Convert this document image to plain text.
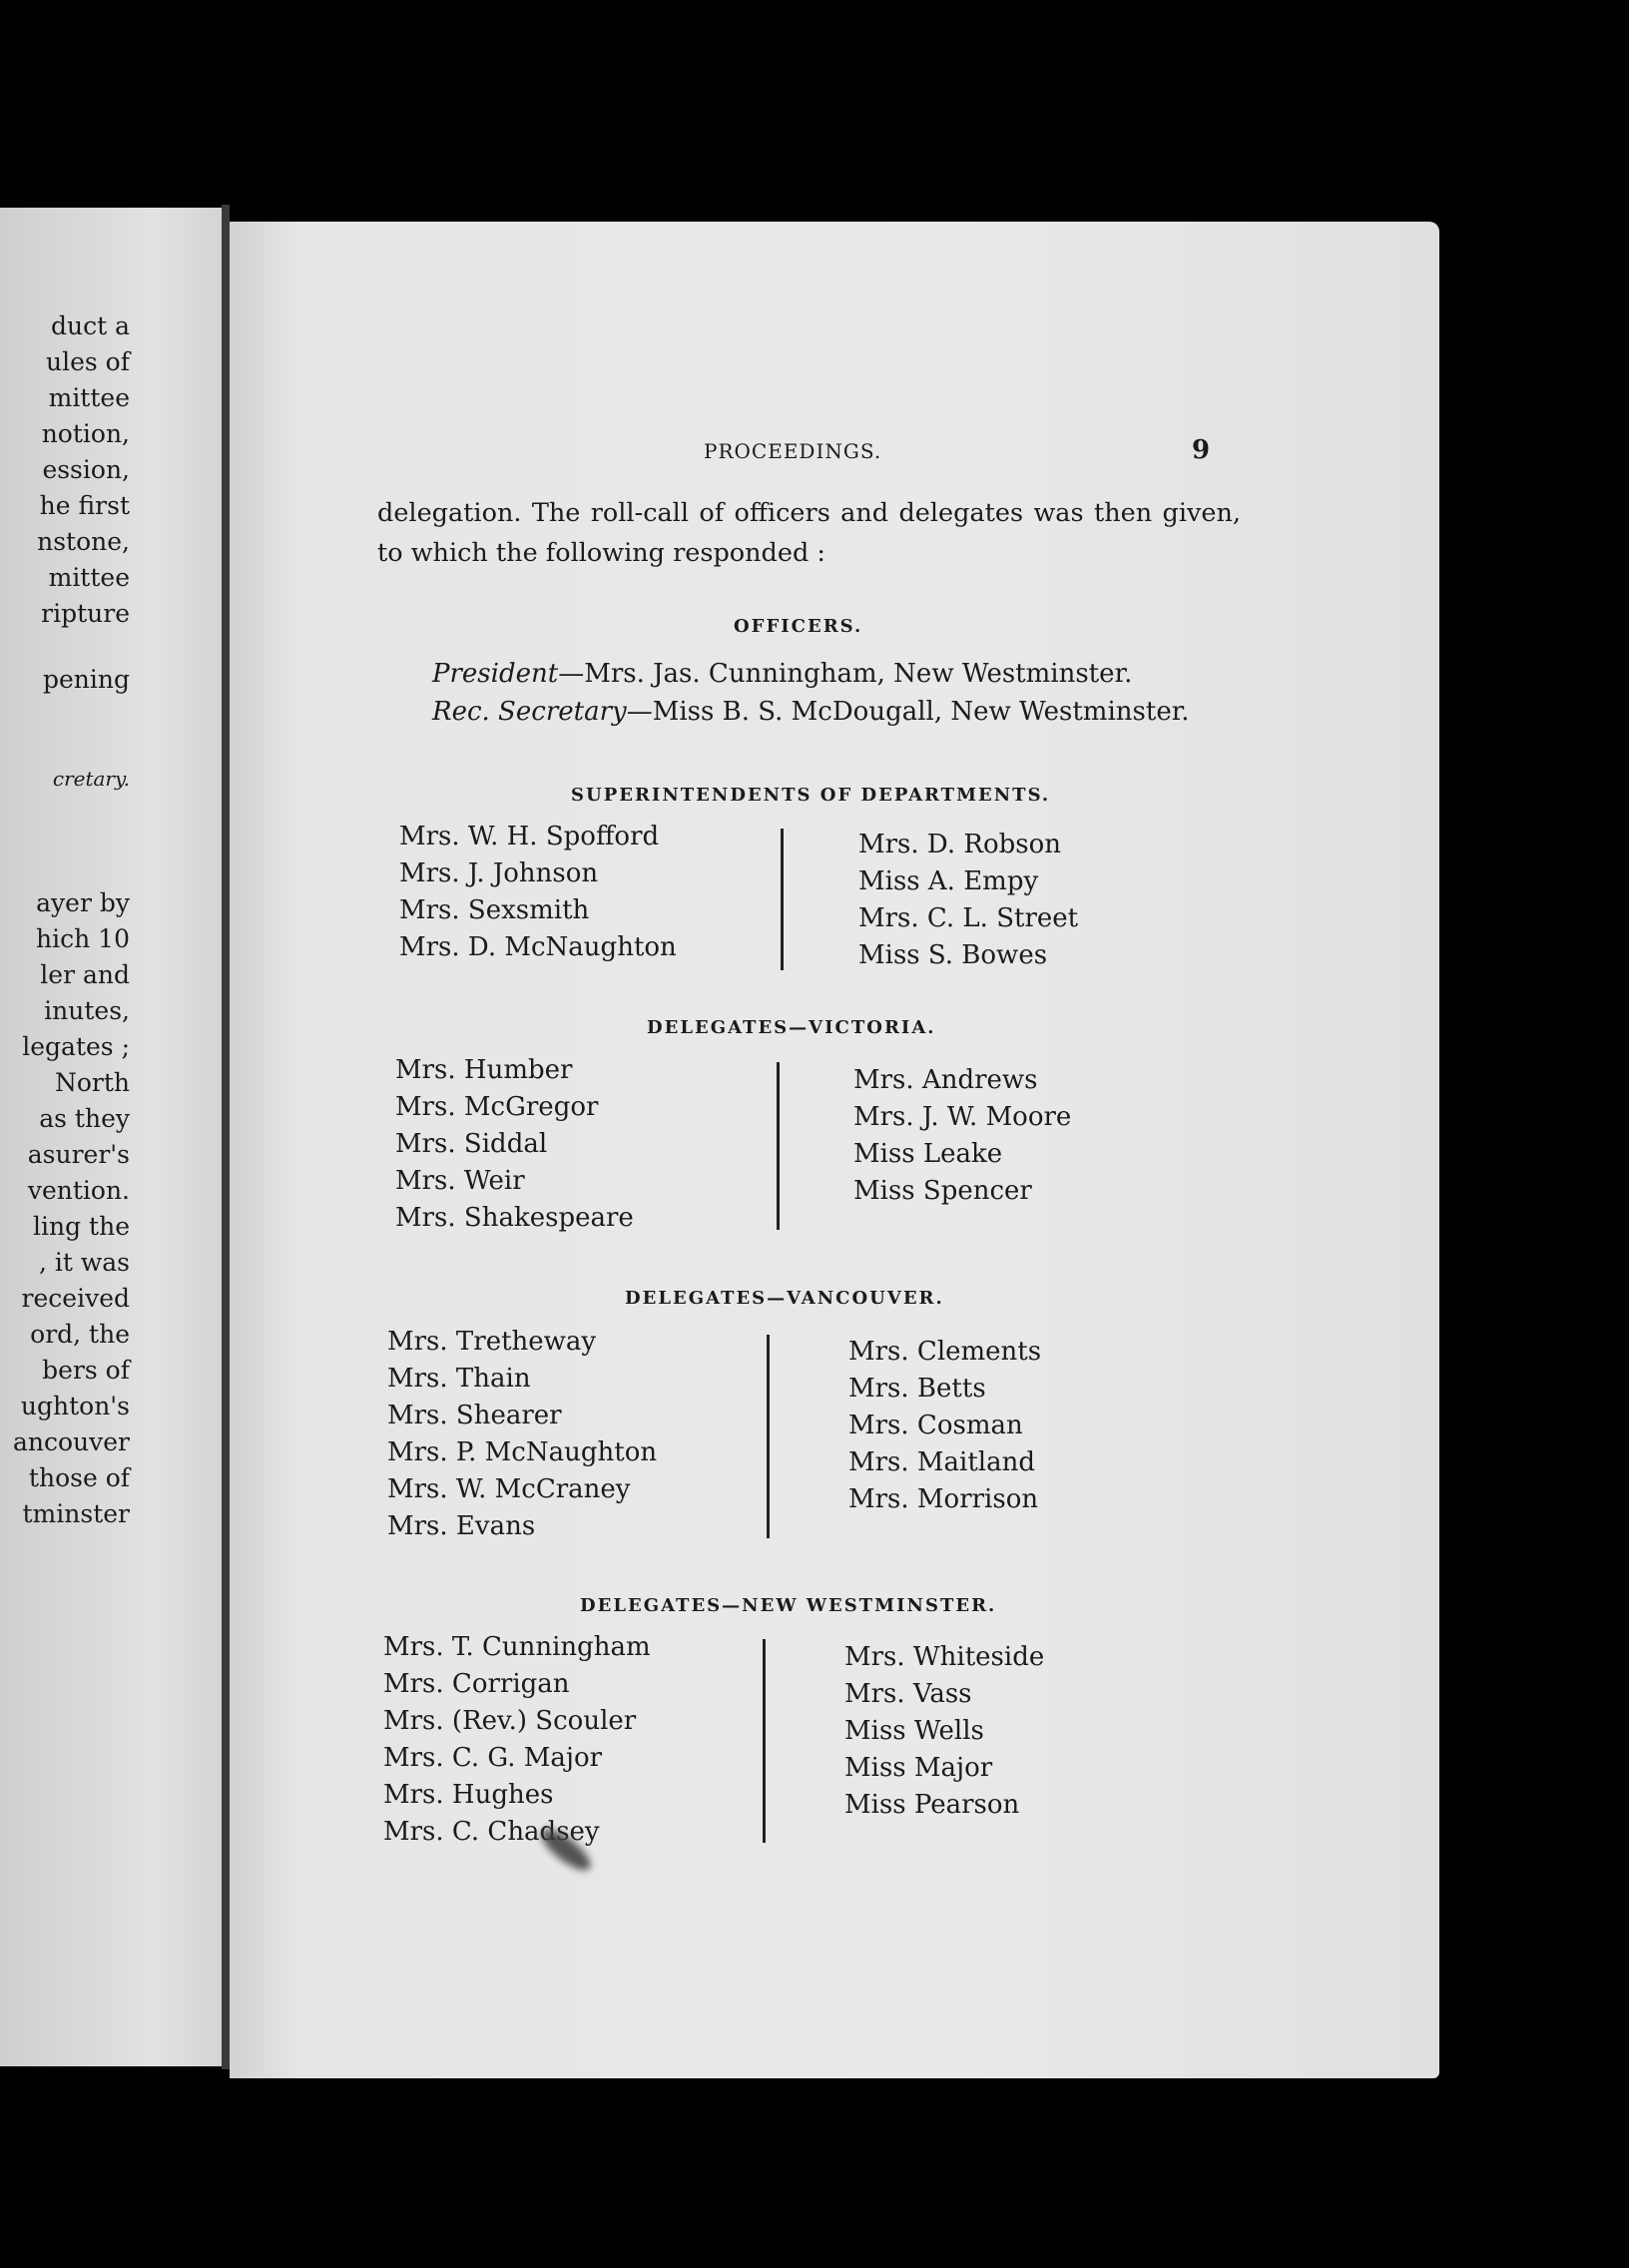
duct a
ules of
mittee
notion,
ession,
he first
nstone,
mittee
ripture
pening
cretary.
ayer by
hich 10
ler and
inutes,
legates ;
North
as they
asurer's
vention.
ling the
, it was
received
ord, the
bers of
ughton's
ancouver
those of
tminster
PROCEEDINGS.	9
delegation. The roll-call of officers and delegates was then given, to which the following responded :
OFFICERS.
President—Mrs. Jas. Cunningham, New Westminster.
Rec. Secretary—Miss B. S. McDougall, New Westminster.
SUPERINTENDENTS OF DEPARTMENTS.
Mrs. W. H. Spofford
Mrs. J. Johnson
Mrs. Sexsmith
Mrs. D. McNaughton
Mrs. D. Robson
Miss A. Empy
Mrs. C. L. Street
Miss S. Bowes
DELEGATES—VICTORIA.
Mrs. Humber
Mrs. McGregor
Mrs. Siddal
Mrs. Weir
Mrs. Shakespeare
Mrs. Andrews
Mrs. J. W. Moore
Miss Leake
Miss Spencer
DELEGATES—VANCOUVER.
Mrs. Tretheway
Mrs. Thain
Mrs. Shearer
Mrs. P. McNaughton
Mrs. W. McCraney
Mrs. Evans
Mrs. Clements
Mrs. Betts
Mrs. Cosman
Mrs. Maitland
Mrs. Morrison
DELEGATES—NEW WESTMINSTER.
Mrs. T. Cunningham
Mrs. Corrigan
Mrs. (Rev.) Scouler
Mrs. C. G. Major
Mrs. Hughes
Mrs. C. Chadsey
Mrs. Whiteside
Mrs. Vass
Miss Wells
Miss Major
Miss Pearson
